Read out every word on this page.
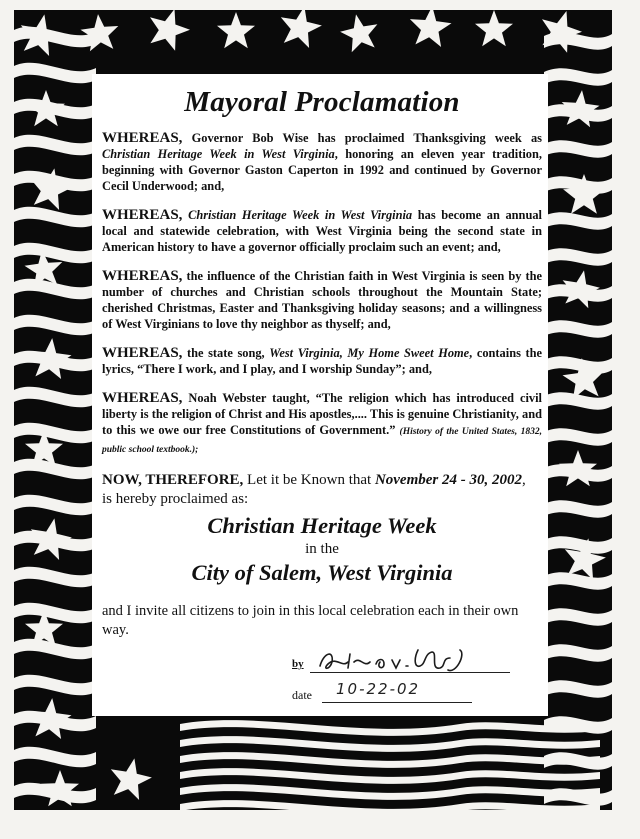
Mayoral Proclamation
WHEREAS, Governor Bob Wise has proclaimed Thanksgiving week as Christian Heritage Week in West Virginia, honoring an eleven year tradition, beginning with Governor Gaston Caperton in 1992 and continued by Governor Cecil Underwood; and,
WHEREAS, Christian Heritage Week in West Virginia has become an annual local and statewide celebration, with West Virginia being the second state in American history to have a governor officially proclaim such an event; and,
WHEREAS, the influence of the Christian faith in West Virginia is seen by the number of churches and Christian schools throughout the Mountain State; cherished Christmas, Easter and Thanksgiving holiday seasons; and a willingness of West Virginians to love thy neighbor as thyself; and,
WHEREAS, the state song, West Virginia, My Home Sweet Home, contains the lyrics, “There I work, and I play, and I worship Sunday”; and,
WHEREAS, Noah Webster taught, “The religion which has introduced civil liberty is the religion of Christ and His apostles,.... This is genuine Christianity, and to this we owe our free Constitutions of Government.” (History of the United States, 1832, public school textbook.);
NOW, THEREFORE, Let it be Known that November 24 - 30, 2002,
is hereby proclaimed as:
Christian Heritage Week
in the
City of Salem, West Virginia
and I invite all citizens to join in this local celebration each in their own way.
by
date 10-22-02
